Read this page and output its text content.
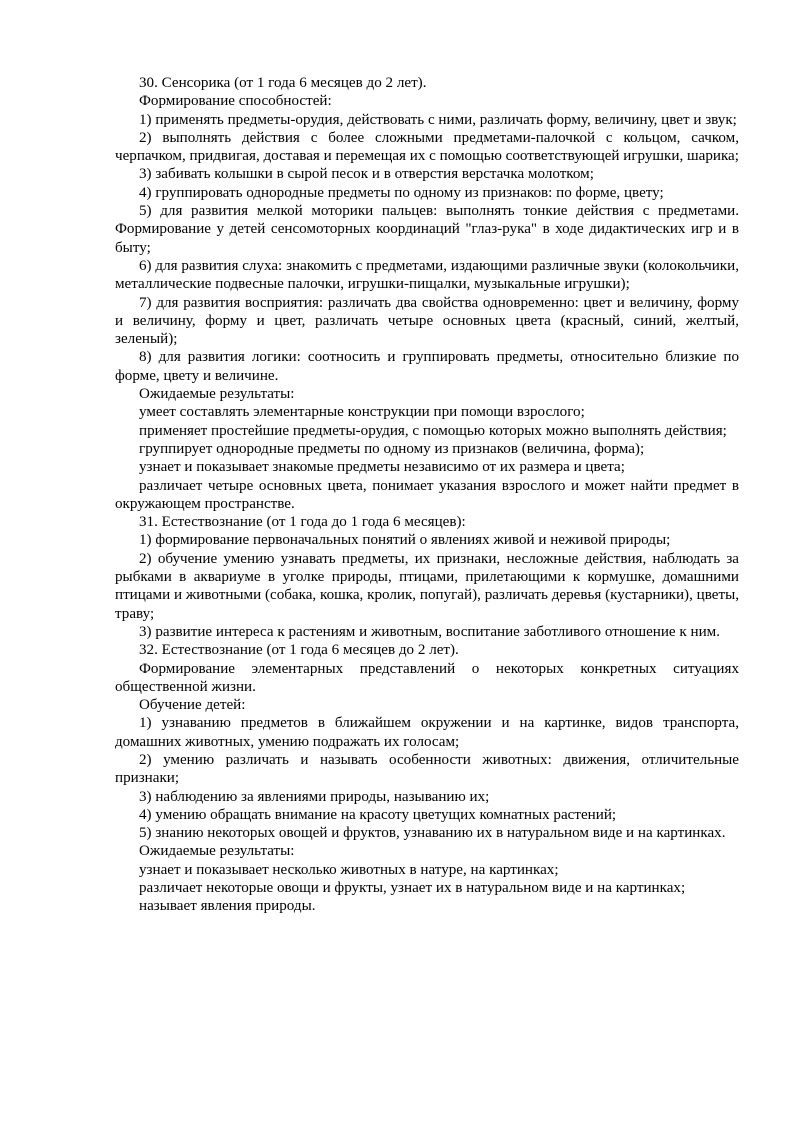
30. Сенсорика (от 1 года 6 месяцев до 2 лет).

Формирование способностей:

1) применять предметы-орудия, действовать с ними, различать форму, величину, цвет и звук;

2) выполнять действия с более сложными предметами-палочкой с кольцом, сачком, черпачком, придвигая, доставая и перемещая их с помощью соответствующей игрушки, шарика;

3) забивать колышки в сырой песок и в отверстия верстачка молотком;

4) группировать однородные предметы по одному из признаков: по форме, цвету;

5) для развития мелкой моторики пальцев: выполнять тонкие действия с предметами. Формирование у детей сенсомоторных координаций "глаз-рука" в ходе дидактических игр и в быту;

6) для развития слуха: знакомить с предметами, издающими различные звуки (колокольчики, металлические подвесные палочки, игрушки-пищалки, музыкальные игрушки);

7) для развития восприятия: различать два свойства одновременно: цвет и величину, форму и величину, форму и цвет, различать четыре основных цвета (красный, синий, желтый, зеленый);

8) для развития логики: соотносить и группировать предметы, относительно близкие по форме, цвету и величине.

Ожидаемые результаты:

умеет составлять элементарные конструкции при помощи взрослого;

применяет простейшие предметы-орудия, с помощью которых можно выполнять действия;

группирует однородные предметы по одному из признаков (величина, форма);

узнает и показывает знакомые предметы независимо от их размера и цвета;

различает четыре основных цвета, понимает указания взрослого и может найти предмет в окружающем пространстве.

31. Естествознание (от 1 года до 1 года 6 месяцев):

1) формирование первоначальных понятий о явлениях живой и неживой природы;

2) обучение умению узнавать предметы, их признаки, несложные действия, наблюдать за рыбками в аквариуме в уголке природы, птицами, прилетающими к кормушке, домашними птицами и животными (собака, кошка, кролик, попугай), различать деревья (кустарники), цветы, траву;

3) развитие интереса к растениям и животным, воспитание заботливого отношение к ним.

32. Естествознание (от 1 года 6 месяцев до 2 лет).

Формирование элементарных представлений о некоторых конкретных ситуациях общественной жизни.

Обучение детей:

1) узнаванию предметов в ближайшем окружении и на картинке, видов транспорта, домашних животных, умению подражать их голосам;

2) умению различать и называть особенности животных: движения, отличительные признаки;

3) наблюдению за явлениями природы, называнию их;

4) умению обращать внимание на красоту цветущих комнатных растений;

5) знанию некоторых овощей и фруктов, узнаванию их в натуральном виде и на картинках.

Ожидаемые результаты:

узнает и показывает несколько животных в натуре, на картинках;

различает некоторые овощи и фрукты, узнает их в натуральном виде и на картинках;

называет явления природы.
